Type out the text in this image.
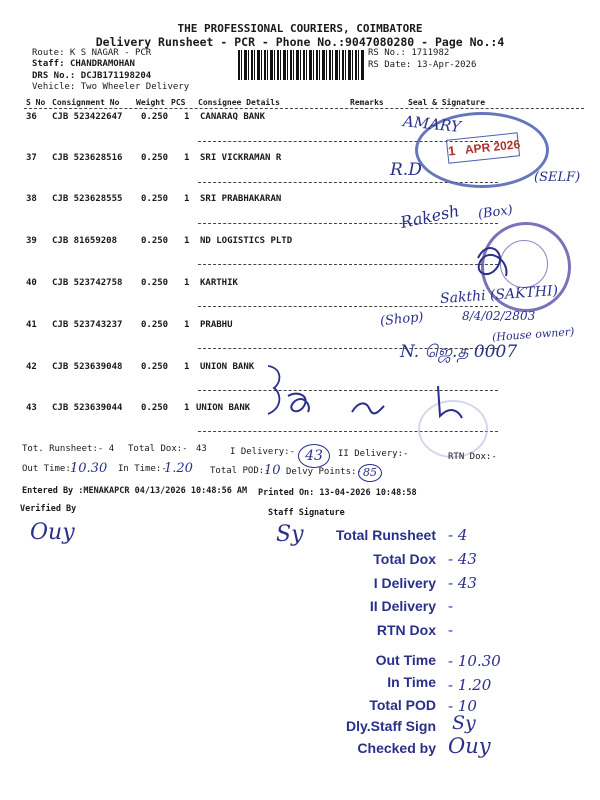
THE PROFESSIONAL COURIERS, COIMBATORE
Delivery Runsheet - PCR - Phone No.:9047080280 - Page No.:4
Route: K S NAGAR - PCR
Staff: CHANDRAMOHAN
DRS No.: DCJB171198204
Vehicle: Two Wheeler Delivery
RS No.: 1711982
RS Date: 13-Apr-2026
S No Consignment No Weight PCS Consignee Details	Remarks	Seal & Signature
36 CJB 523422647 0.250 1 CANARAQ BANK
37 CJB 523628516 0.250 1 SRI VICKRAMAN R
38 CJB 523628555 0.250 1 SRI PRABHAKARAN
39 CJB 81659208	0.250 1 ND LOGISTICS PLTD
40 CJB 523742758 0.250 1 KARTHIK
41 CJB 523743237 0.250 1 PRABHU
42 CJB 523639048 0.250 1 UNION BANK
43 CJB 523639044 0.250 1 UNION BANK
1 APR 2026
AMARY
R.D	(SELF)
Rakesh (Box)
Sakthi (SAKTHI)
(Shop)	8/4/02/2803
(House owner)
N. ஜெ.த 0007
Tot. Runsheet:- 4 Total Dox:- 43	I Delivery:- 43	II Delivery:-	RTN Dox:-
Out Time:-
10.30 In Time:-
1.20 Total POD:-
10 Delvy Points:- 85
Entered By :MENAKAPCR 04/13/2026 10:48:56 AM Printed On: 13-04-2026 10:48:58
Verified By	Staff Signature
Ouy	Sy	Total Runsheet - 4
Total Dox - 43
I Delivery - 43
II Delivery -
RTN Dox -
Out Time - 10.30
In Time - 1.20
Total POD - 10
Dly.Staff Sign Sy
Checked by Ouy
